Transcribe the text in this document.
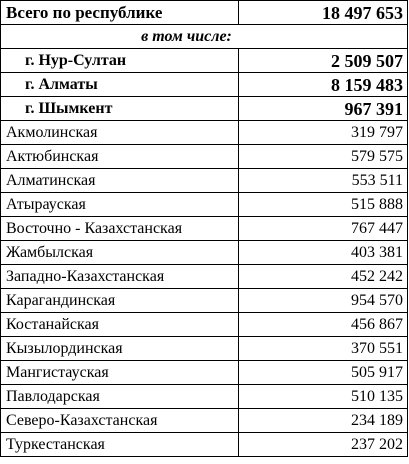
Всего по республике	18 497 653
в том числе:	
г. Нур-Султан	2 509 507
г. Алматы	8 159 483
г. Шымкент	967 391
Акмолинская	319 797
Актюбинская	579 575
Алматинская	553 511
Атырауская	515 888
Восточно - Казахстанская	767 447
Жамбылская	403 381
Западно-Казахстанская	452 242
Карагандинская	954 570
Костанайская	456 867
Кызылординская	370 551
Мангистауская	505 917
Павлодарская	510 135
Северо-Казахстанская	234 189
Туркестанская	237 202
